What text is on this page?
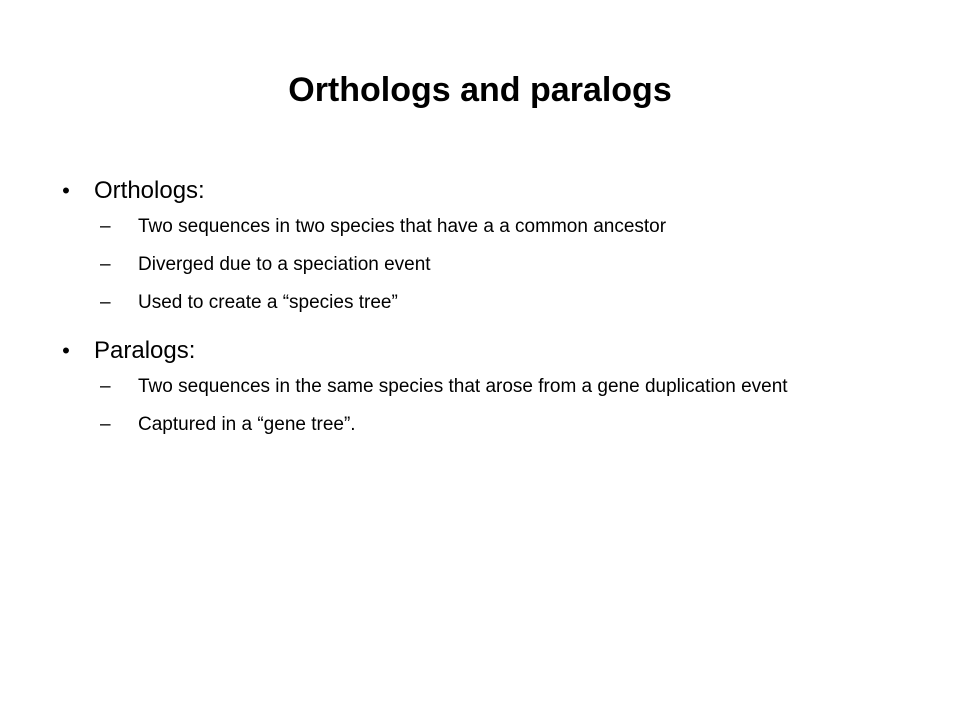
Orthologs and paralogs
• Orthologs:
–	Two sequences in two species that have a a common ancestor
–	Diverged due to a speciation event
–	Used to create a “species tree”
• Paralogs:
–	Two sequences in the same species that arose from a gene duplication event
–	Captured in a “gene tree”.
